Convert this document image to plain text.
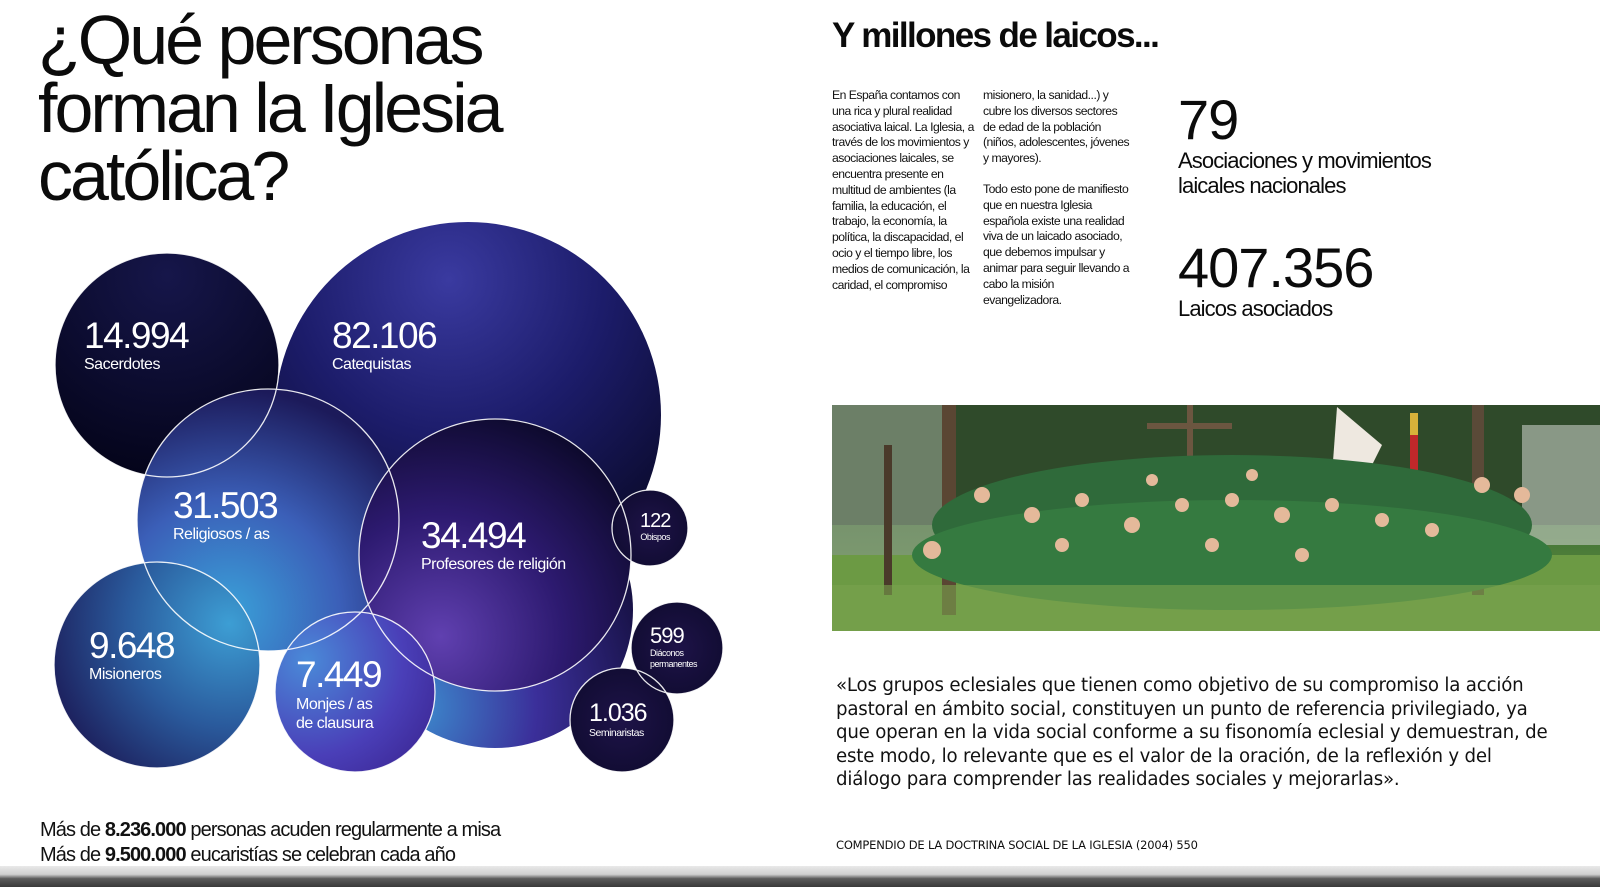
¿Qué personas
forman la Iglesia
católica?
14.994
Sacerdotes
82.106
Catequistas
31.503
Religiosos / as	34.494
Profesores de religión
122
Obispos
9.648
Misioneros	7.449
Monjes / as
de clausura
599
Diáconos
permanentes
1.036
Seminaristas
Más de 8.236.000 personas acuden regularmente a misa
Más de 9.500.000 eucaristías se celebran cada año
Y millones de laicos...

En España contamos con una rica y plural realidad asociativa laical. La Iglesia, a través de los movimientos y asociaciones laicales, se encuentra presente en multitud de ambientes (la familia, la educación, el trabajo, la economía, la política, la discapacidad, el ocio y el tiempo libre, los medios de comunicación, la caridad, el compromiso

misionero, la sanidad...) y cubre los diversos sectores de edad de la población (niños, adolescentes, jóvenes y mayores).

Todo esto pone de manifiesto que en nuestra Iglesia española existe una realidad viva de un laicado asociado, que debemos impulsar y animar para seguir llevando a cabo la misión evangelizadora.

79
Asociaciones y movimientos
laicales nacionales
407.356
Laicos asociados
«Los grupos eclesiales que tienen como objetivo de su compromiso la acción pastoral en ámbito social, constituyen un punto de referencia privilegiado, ya que operan en la vida social conforme a su fisonomía eclesial y demuestran, de este modo, lo relevante que es el valor de la oración, de la reflexión y del diálogo para comprender las realidades sociales y mejorarlas».
COMPENDIO DE LA DOCTRINA SOCIAL DE LA IGLESIA (2004) 550
